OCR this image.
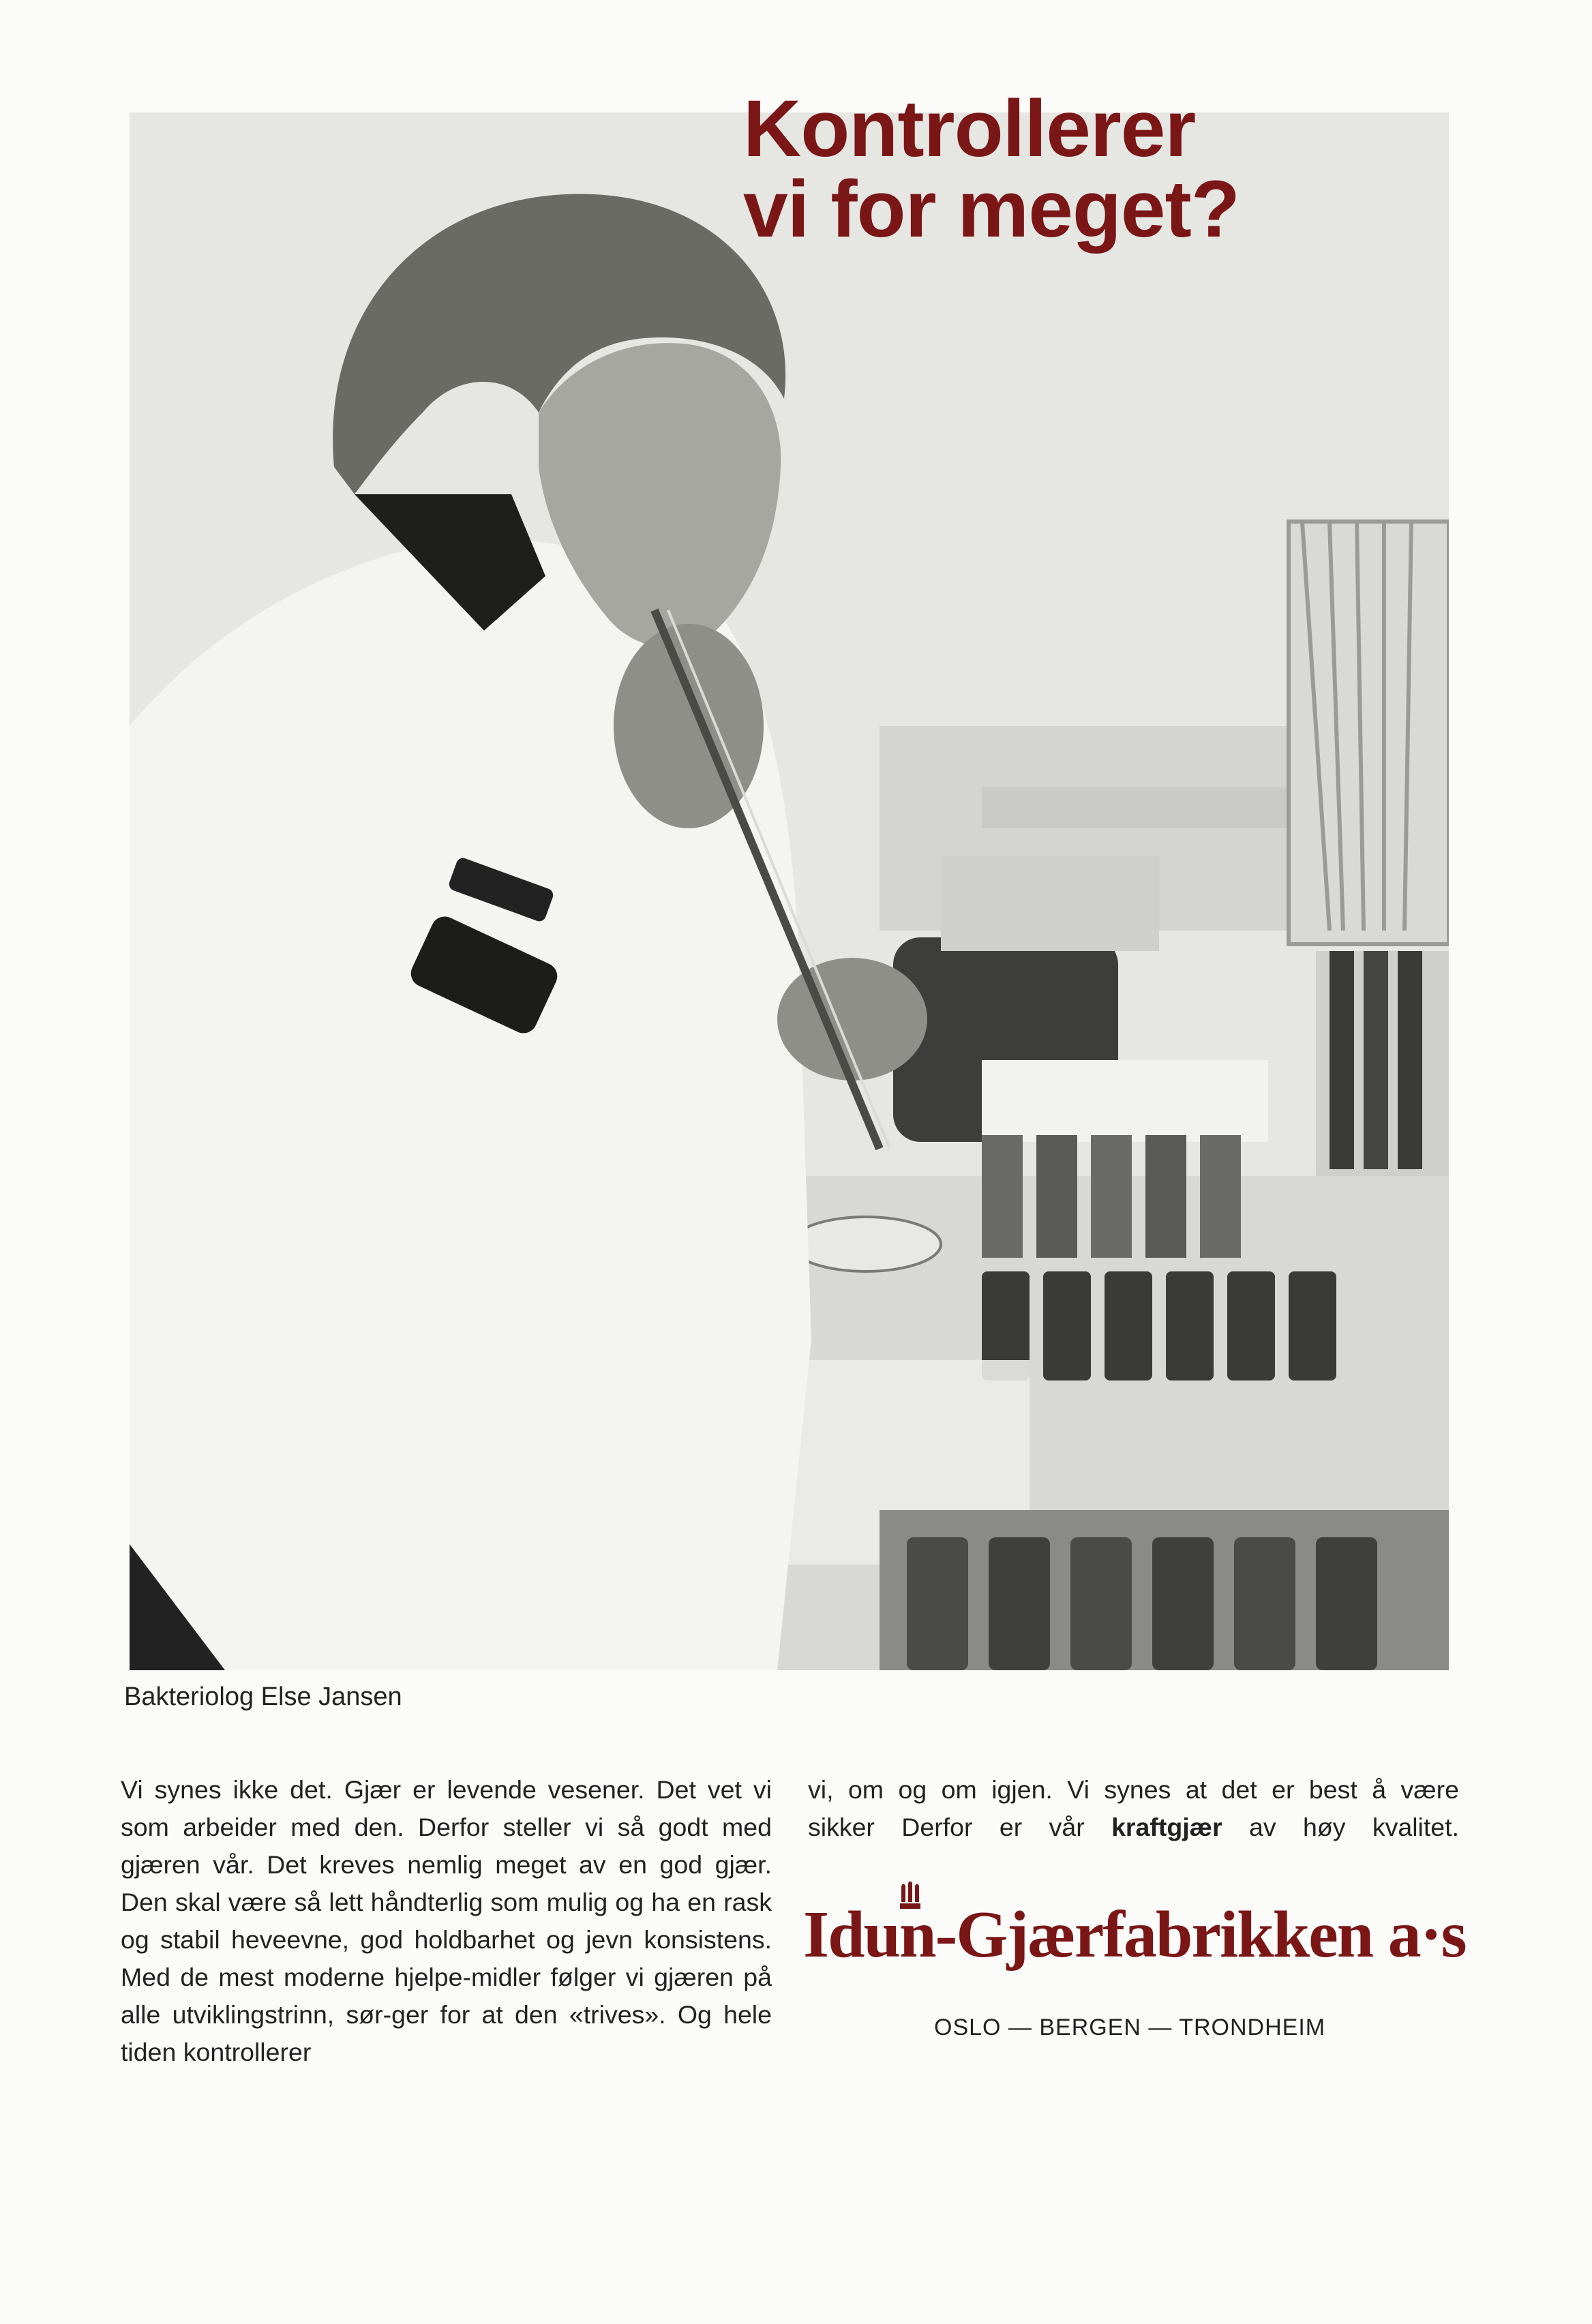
Kontrollerer
vi for meget?
Bakteriolog Else Jansen

Vi synes ikke det. Gjær er levende vesener. Det vet vi som arbeider med den. Derfor steller vi så godt med gjæren vår. Det kreves nemlig meget av en god gjær. Den skal være så lett håndterlig som mulig og ha en rask og stabil heveevne, god holdbarhet og jevn konsistens. Med de mest moderne hjelpe-midler følger vi gjæren på alle utviklingstrinn, sør-ger for at den «trives». Og hele tiden kontrollerer

vi, om og om igjen. Vi synes at det er best å være
sikker Derfor er vår kraftgjær av høy kvalitet.

Idun-Gjærfabrikken a·s
OSLO — BERGEN — TRONDHEIM
